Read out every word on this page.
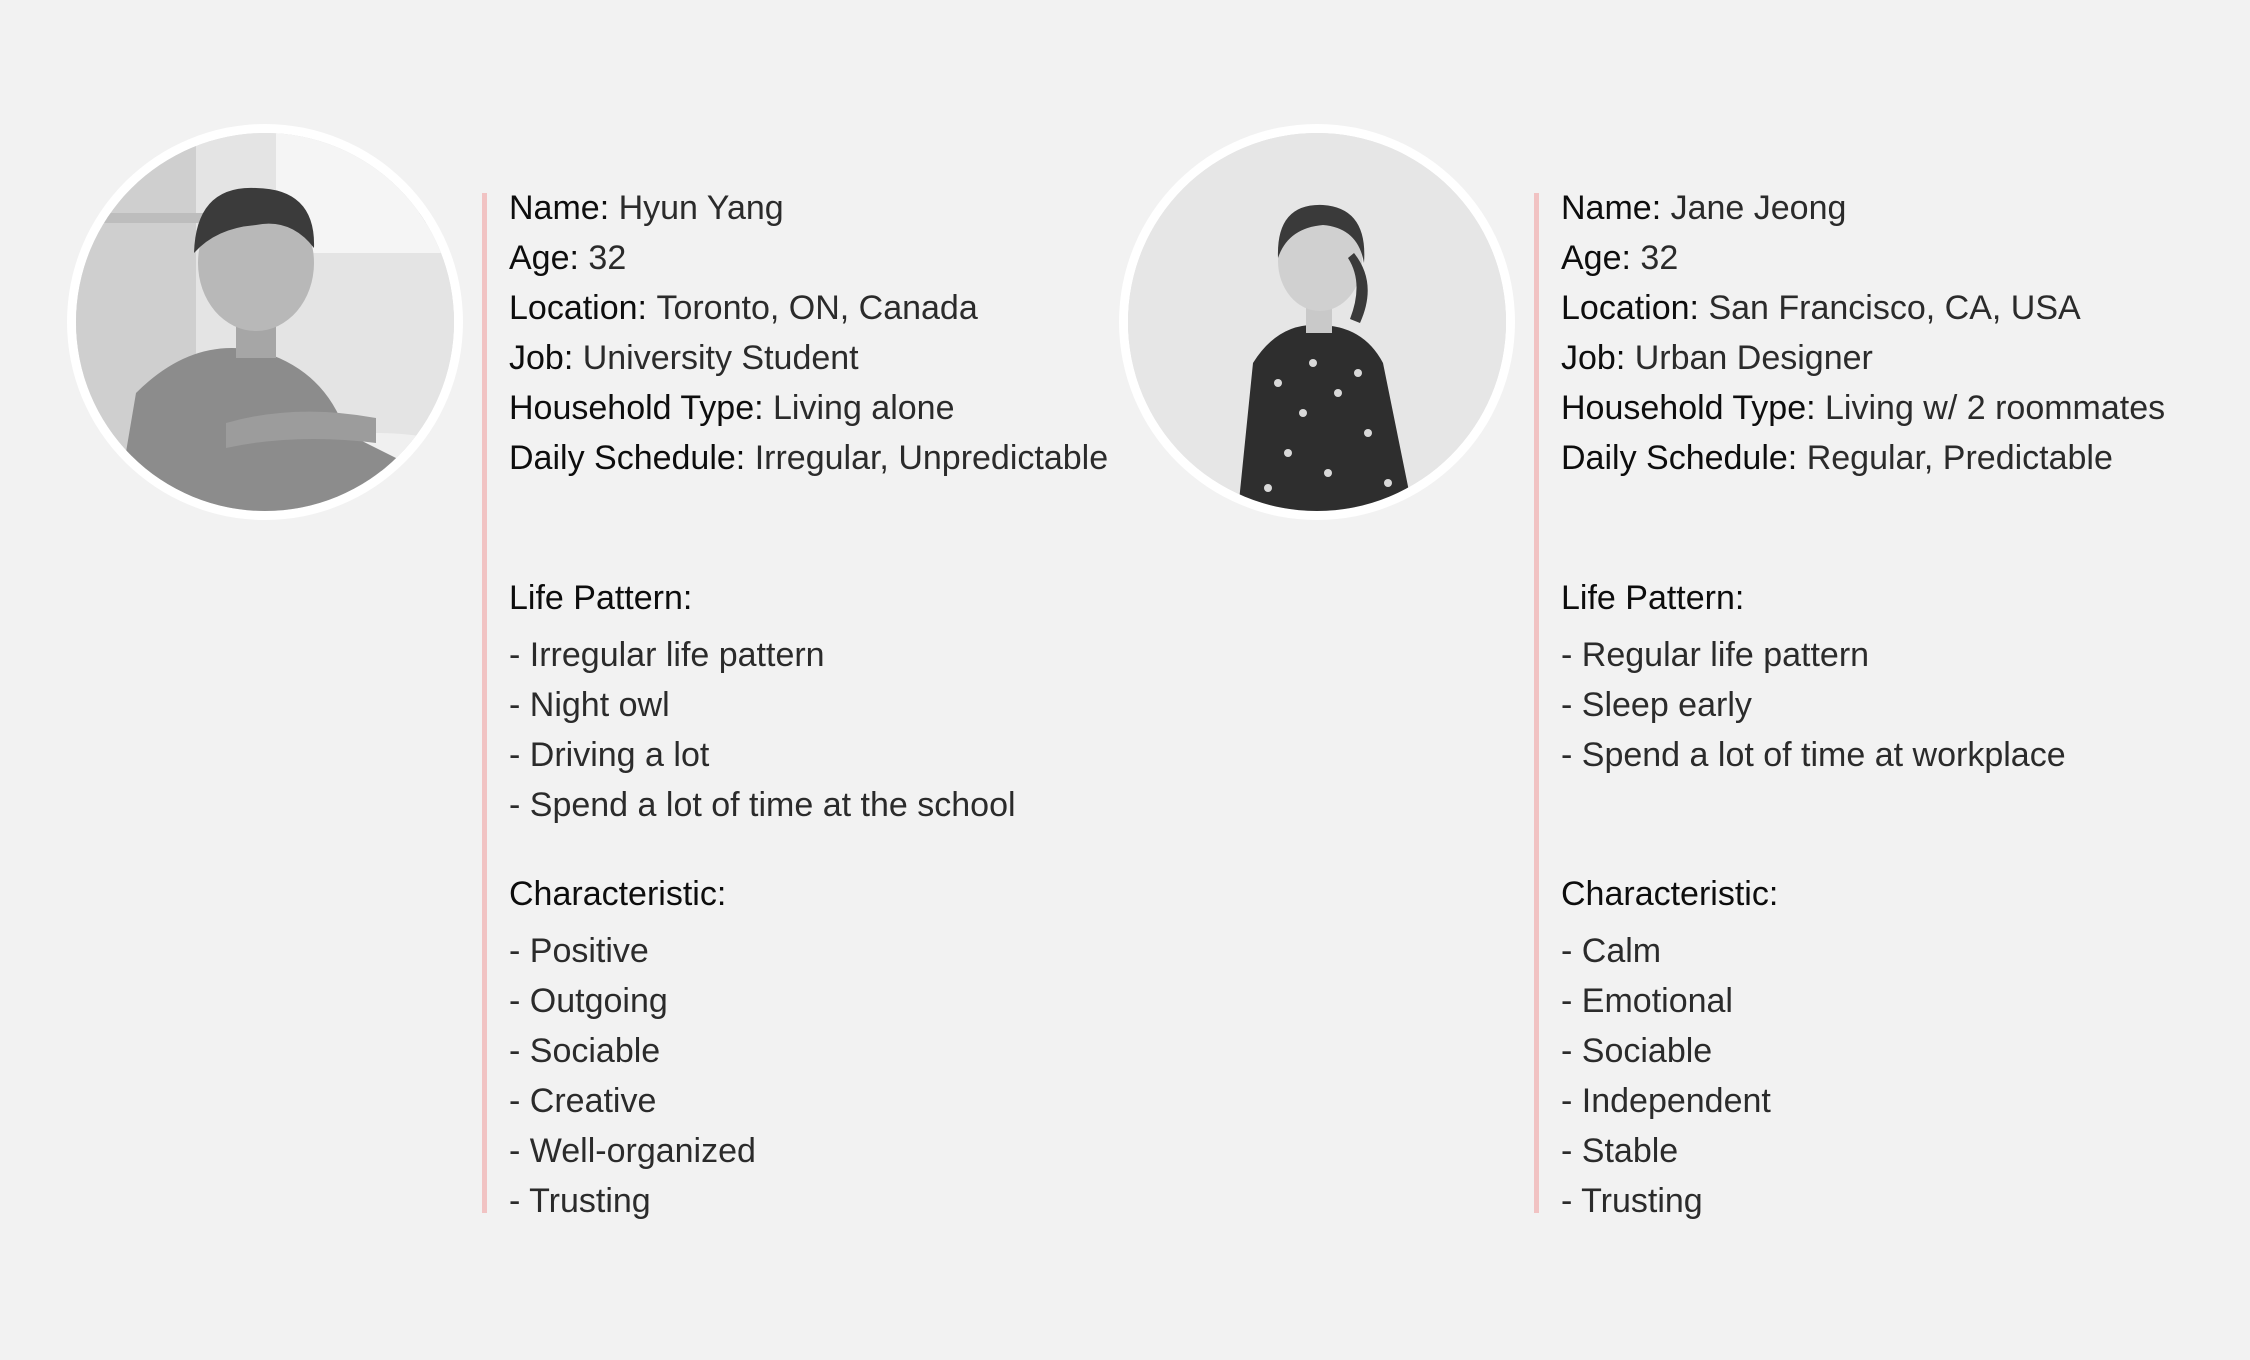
Name: Hyun Yang
Age: 32
Location: Toronto, ON, Canada
Job: University Student
Household Type: Living alone
Daily Schedule: Irregular, Unpredictable
Life Pattern:
- Irregular life pattern
- Night owl
- Driving a lot
- Spend a lot of time at the school
Characteristic:
- Positive
- Outgoing
- Sociable
- Creative
- Well-organized
- Trusting
Name: Jane Jeong
Age: 32
Location: San Francisco, CA, USA
Job: Urban Designer
Household Type: Living w/ 2 roommates
Daily Schedule: Regular, Predictable
Life Pattern:
- Regular life pattern
- Sleep early
- Spend a lot of time at workplace
Characteristic:
- Calm
- Emotional
- Sociable
- Independent
- Stable
- Trusting
